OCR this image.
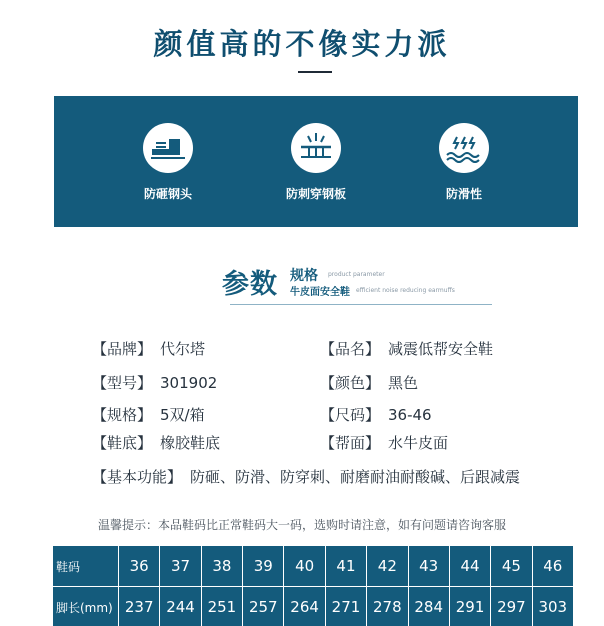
颜值高的不像实力派
防砸钢头	防刺穿钢板	防滑性
参数 规格 product parameter
牛皮面安全鞋 efficient noise reducing earmuffs
【品牌】 代尔塔	【品名】 减震低帮安全鞋
【型号】 301902	【颜色】 黑色
【规格】 5双/箱	【尺码】 36-46
【鞋底】 橡胶鞋底	【帮面】 水牛皮面
【基本功能】 防砸、防滑、防穿刺、耐磨耐油耐酸碱、后跟减震
温馨提示：本品鞋码比正常鞋码大一码，选购时请注意，如有问题请咨询客服
鞋码	36	37	38	39	40	41	42	43	44	45	46
脚长(mm)	237	244	251	257	264	271	278	284	291	297	303
